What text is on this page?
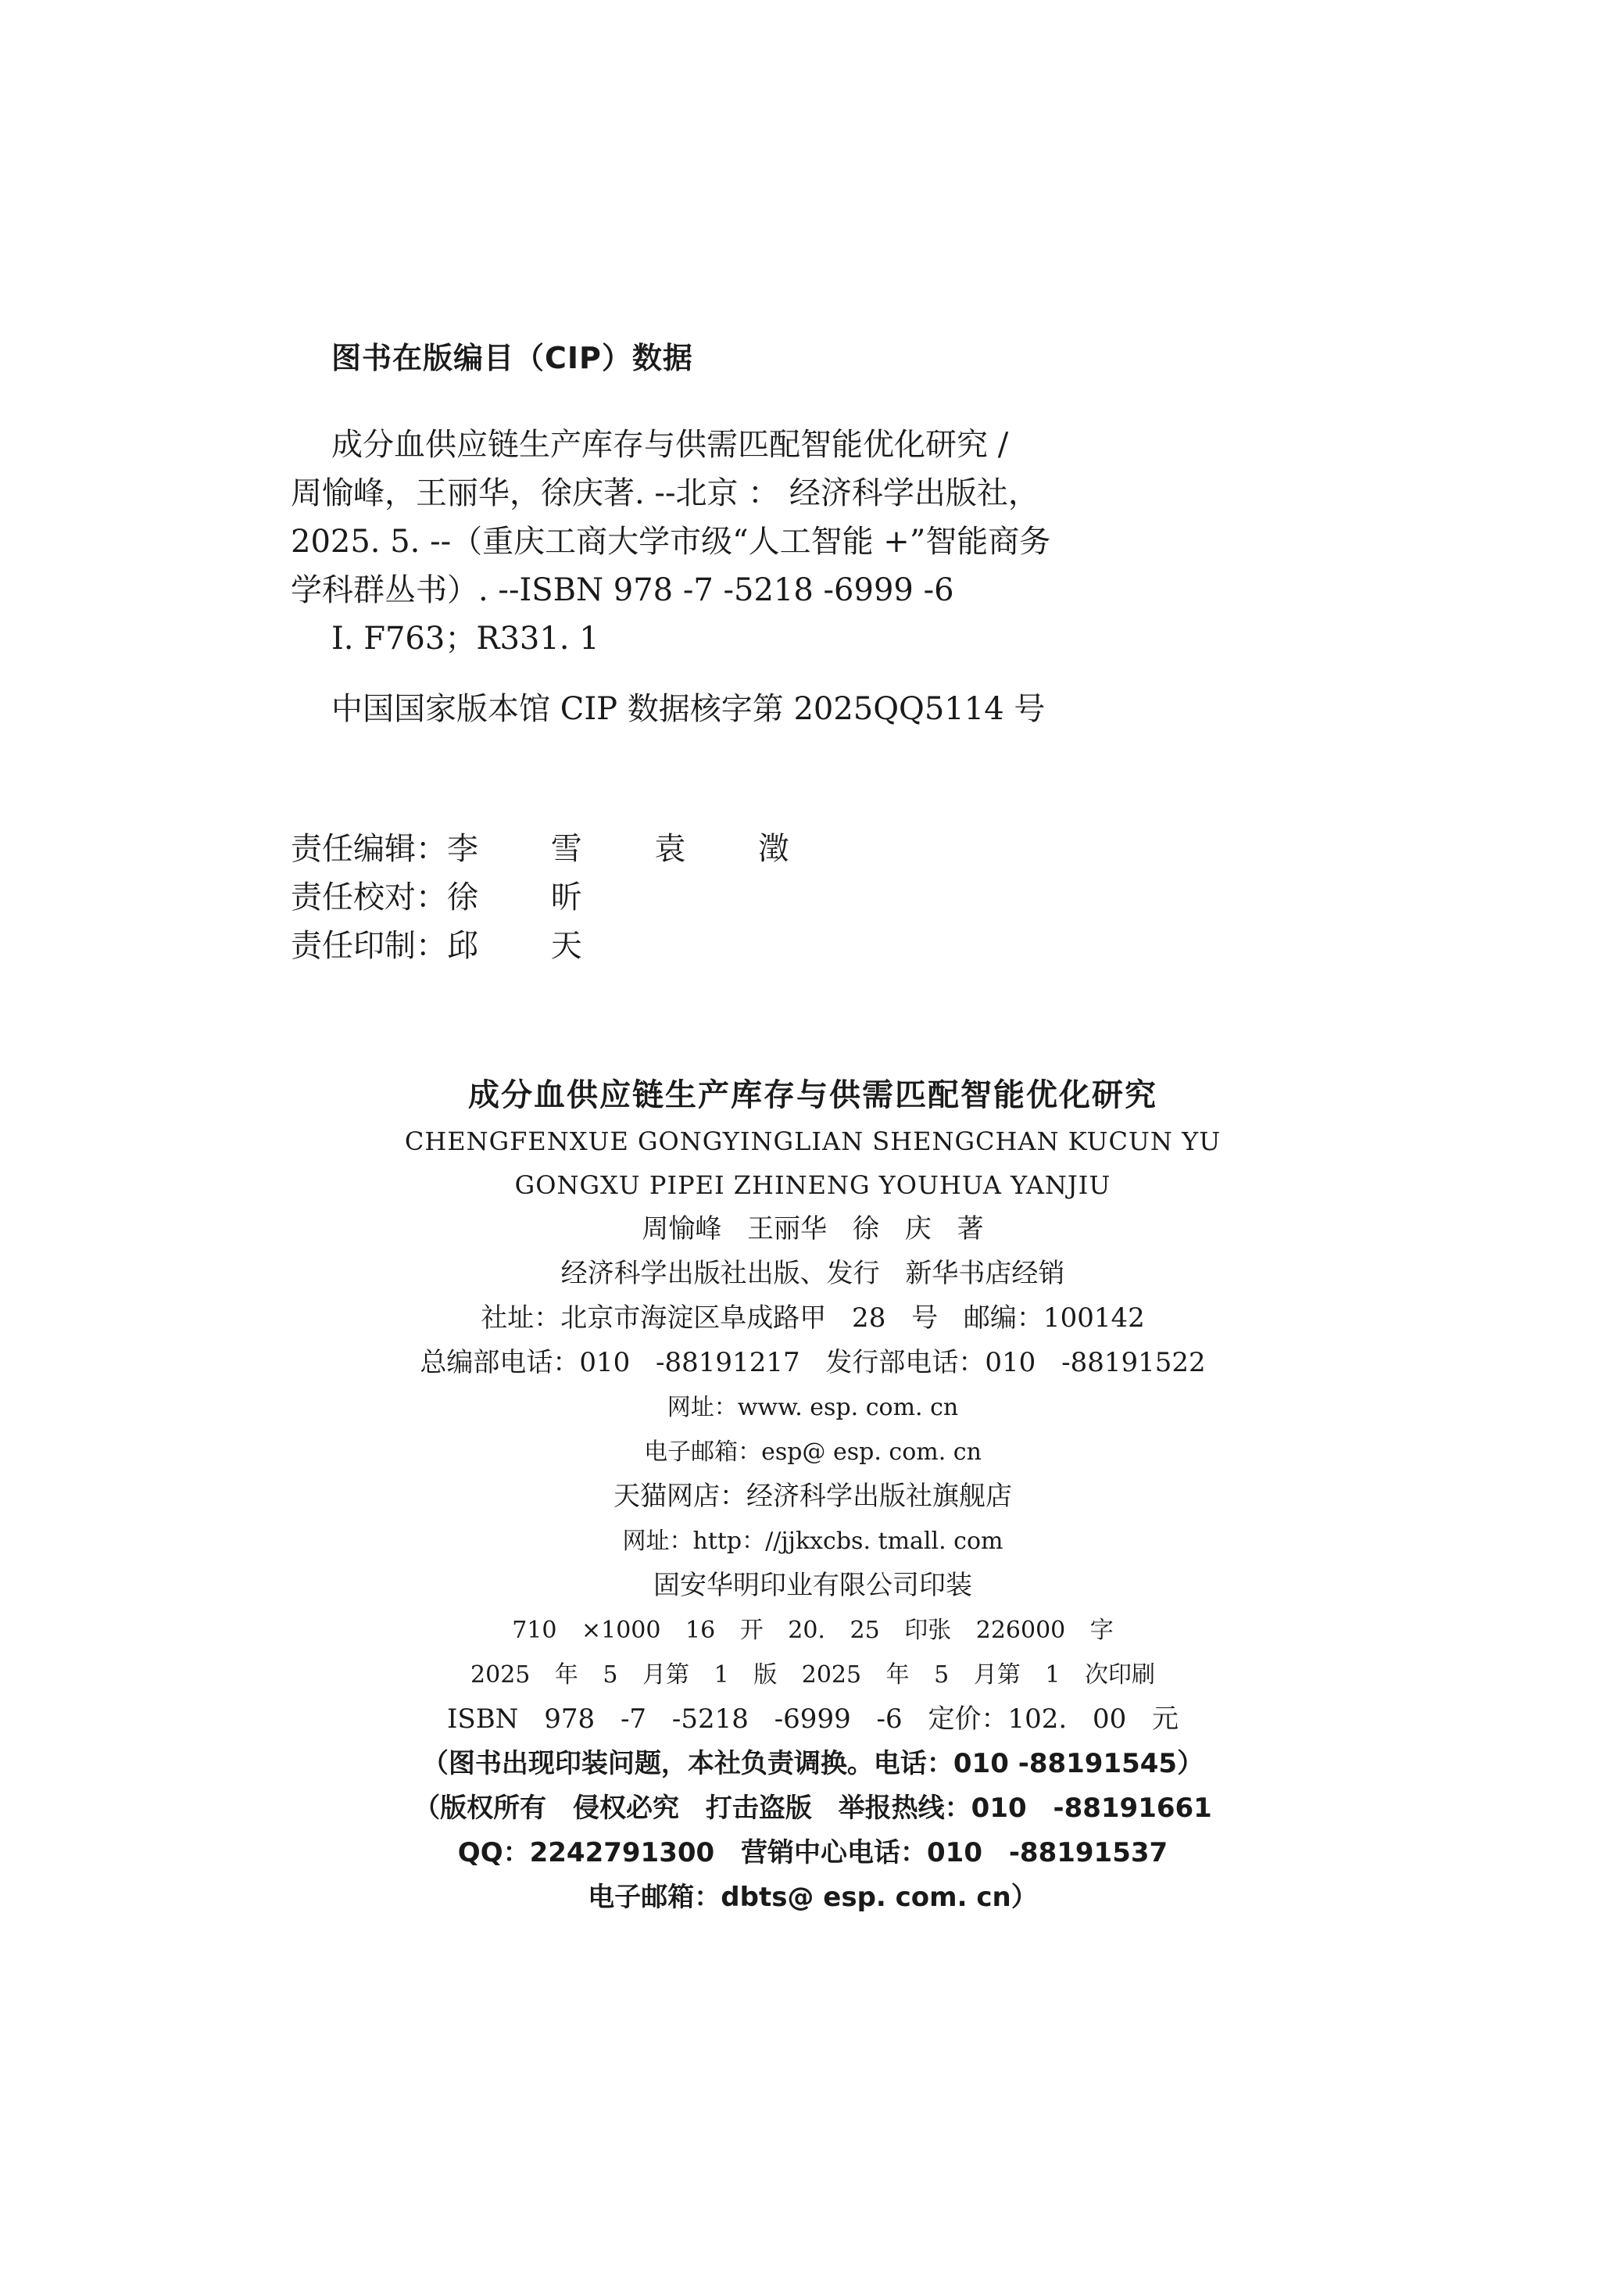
图书在版编目（CIP）数据

成分血供应链生产库存与供需匹配智能优化研究 /

周愉峰，王丽华，徐庆著. --北京 ： 经济科学出版社，

2025. 5. --（重庆工商大学市级“人工智能 +”智能商务

学科群丛书）. --ISBN 978 -7 -5218 -6999 -6

Ⅰ. F763；R331. 1

中国国家版本馆 CIP 数据核字第 2025QQ5114 号

责任编辑： 李 雪 袁 澂
责任校对： 徐 昕
责任印制： 邱 天

成分血供应链生产库存与供需匹配智能优化研究

CHENGFENXUE GONGYINGLIAN SHENGCHAN KUCUN YU

GONGXU PIPEI ZHINENG YOUHUA YANJIU

周愉峰 王丽华 徐 庆 著

经济科学出版社出版、发行 新华书店经销

社址：北京市海淀区阜成路甲 28 号 邮编：100142

总编部电话：010 -88191217 发行部电话：010 -88191522

网址：www. esp. com. cn

电子邮箱：esp@ esp. com. cn

天猫网店：经济科学出版社旗舰店

网址：http：//jjkxcbs. tmall. com

固安华明印业有限公司印装

710 ×1000 16 开 20. 25 印张 226000 字

2025 年 5 月第 1 版 2025 年 5 月第 1 次印刷

ISBN 978 -7 -5218 -6999 -6 定价：102. 00 元

（图书出现印装问题，本社负责调换。电话：010 -88191545）

（版权所有 侵权必究 打击盗版 举报热线：010 -88191661

QQ：2242791300 营销中心电话：010 -88191537

电子邮箱：dbts@ esp. com. cn）
